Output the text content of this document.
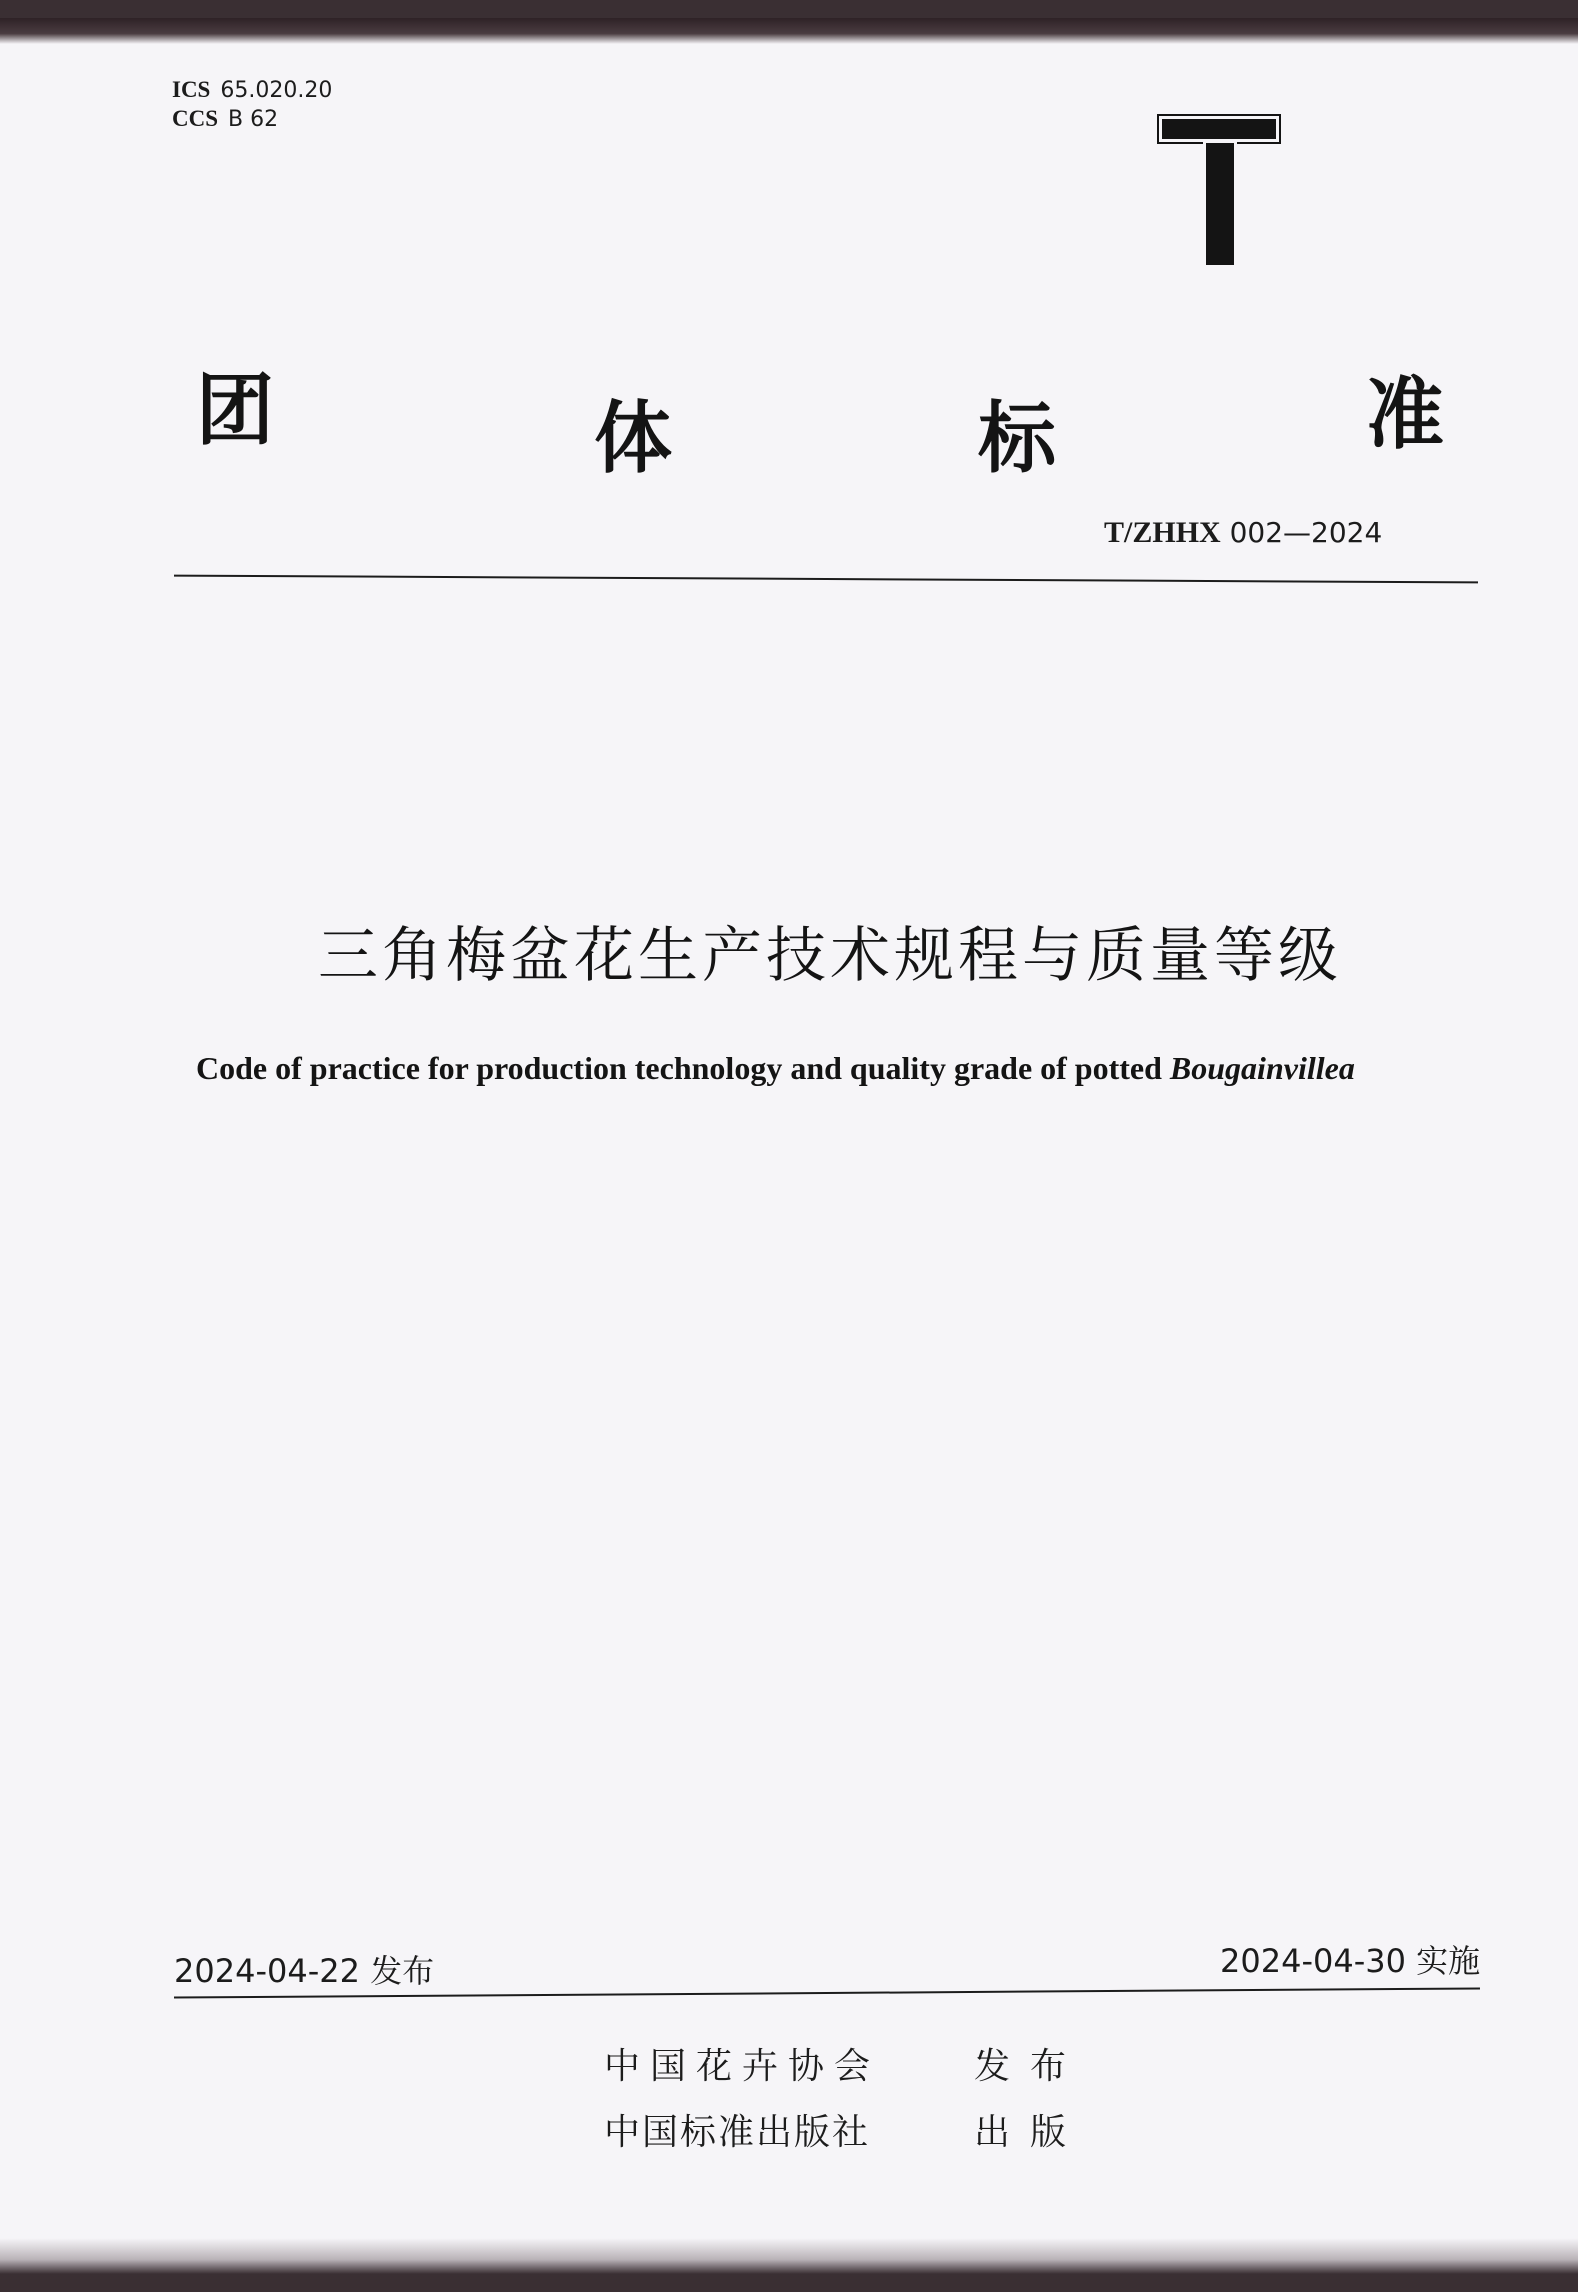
ICS 65.020.20
CCS B 62
团	体	标	准
T/ZHHX 002—2024
三角梅盆花生产技术规程与质量等级
Code of practice for production technology and quality grade of potted Bougainvillea
2024-04-22 发布	2024-04-30 实施
中国花卉协会	发布
中国标准出版社	出版
